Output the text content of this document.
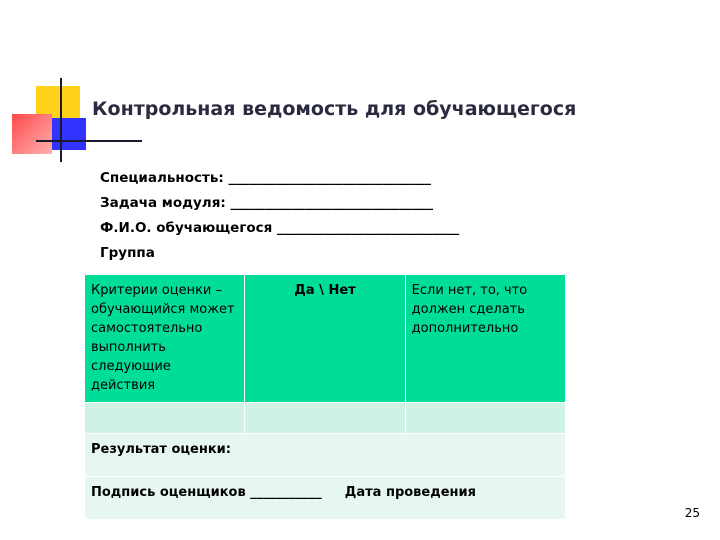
Контрольная ведомость для обучающегося
Специальность: ______________________________
Задача модуля: ______________________________
Ф.И.О. обучающегося ___________________________
Группа
Критерии оценки – обучающийся может самостоятельно выполнить следующие действия	Да \ Нет	Если нет, то, что должен сделать дополнительно

Результат оценки:		
Подпись оценщиков ___________ Дата проведения		
25
